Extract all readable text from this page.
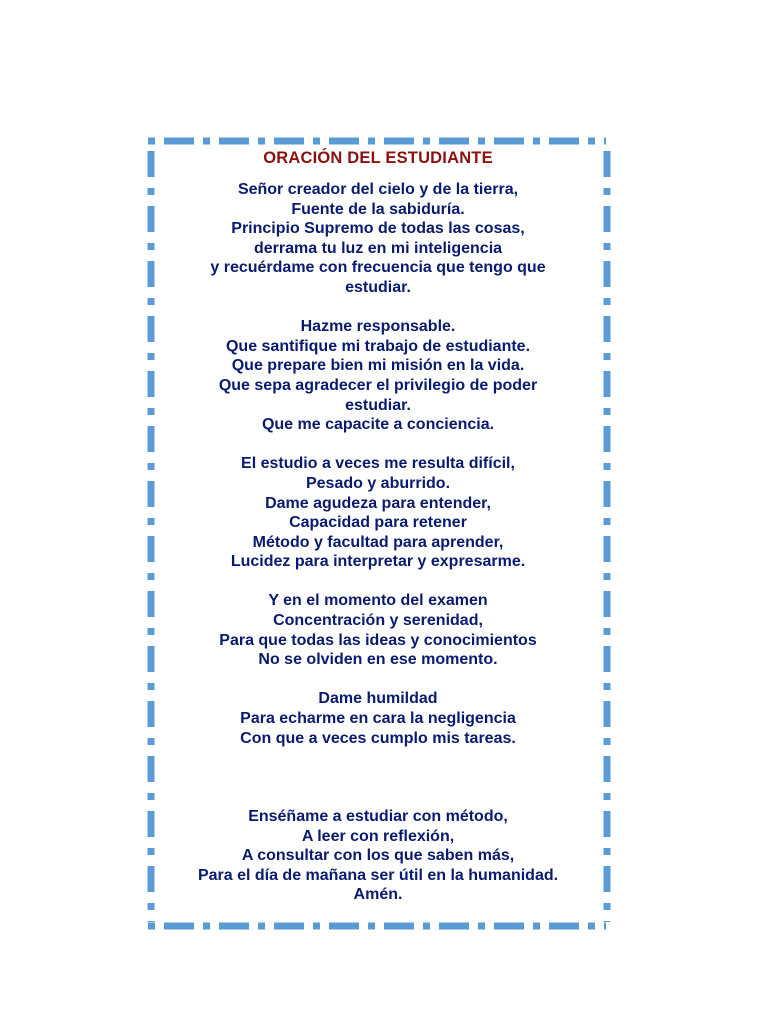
ORACIÓN DEL ESTUDIANTE
Señor creador del cielo y de la tierra,
Fuente de la sabiduría.
Principio Supremo de todas las cosas,
derrama tu luz en mi inteligencia
y recuérdame con frecuencia que tengo que
estudiar.
Hazme responsable.
Que santifique mi trabajo de estudiante.
Que prepare bien mi misión en la vida.
Que sepa agradecer el privilegio de poder
estudiar.
Que me capacite a conciencia.
El estudio a veces me resulta difícil,
Pesado y aburrido.
Dame agudeza para entender,
Capacidad para retener
Método y facultad para aprender,
Lucidez para interpretar y expresarme.
Y en el momento del examen
Concentración y serenidad,
Para que todas las ideas y conocimientos
No se olviden en ese momento.
Dame humildad
Para echarme en cara la negligencia
Con que a veces cumplo mis tareas.
Enséñame a estudiar con método,
A leer con reflexión,
A consultar con los que saben más,
Para el día de mañana ser útil en la humanidad.
Amén.
